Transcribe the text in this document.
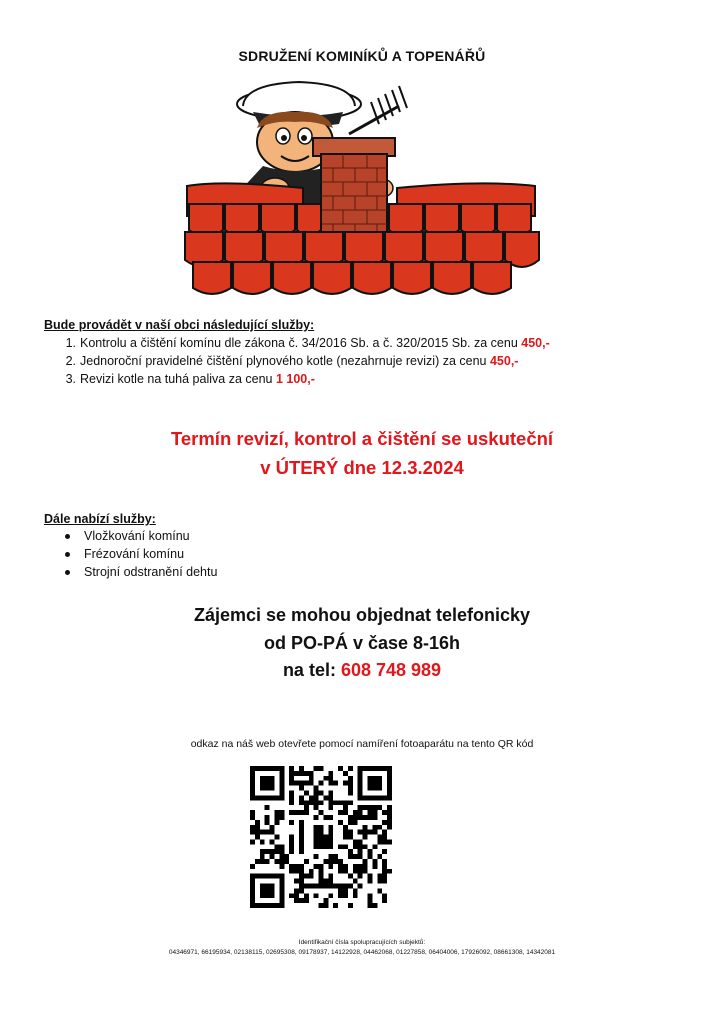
SDRUŽENÍ KOMINÍKŮ A TOPENÁŘŮ
Bude provádět v naší obci následující služby:
1. Kontrolu a čištění komínu dle zákona č. 34/2016 Sb. a č. 320/2015 Sb. za cenu 450,-
2. Jednoroční pravidelné čištění plynového kotle (nezahrnuje revizi) za cenu 450,-
3. Revizi kotle na tuhá paliva za cenu 1 100,-
Termín revizí, kontrol a čištění se uskuteční
v ÚTERÝ dne 12.3.2024
Dále nabízí služby:
Vložkování komínu
Frézování komínu
Strojní odstranění dehtu
Zájemci se mohou objednat telefonicky
od PO-PÁ v čase 8-16h
na tel: 608 748 989
odkaz na náš web otevřete pomocí namíření fotoaparátu na tento QR kód
Identifikační čísla spolupracujících subjektů:
04346971, 66195934, 02138115, 02695308, 09178937, 14122928, 04462068, 01227858, 06404006, 17926092, 08661308, 14342081
